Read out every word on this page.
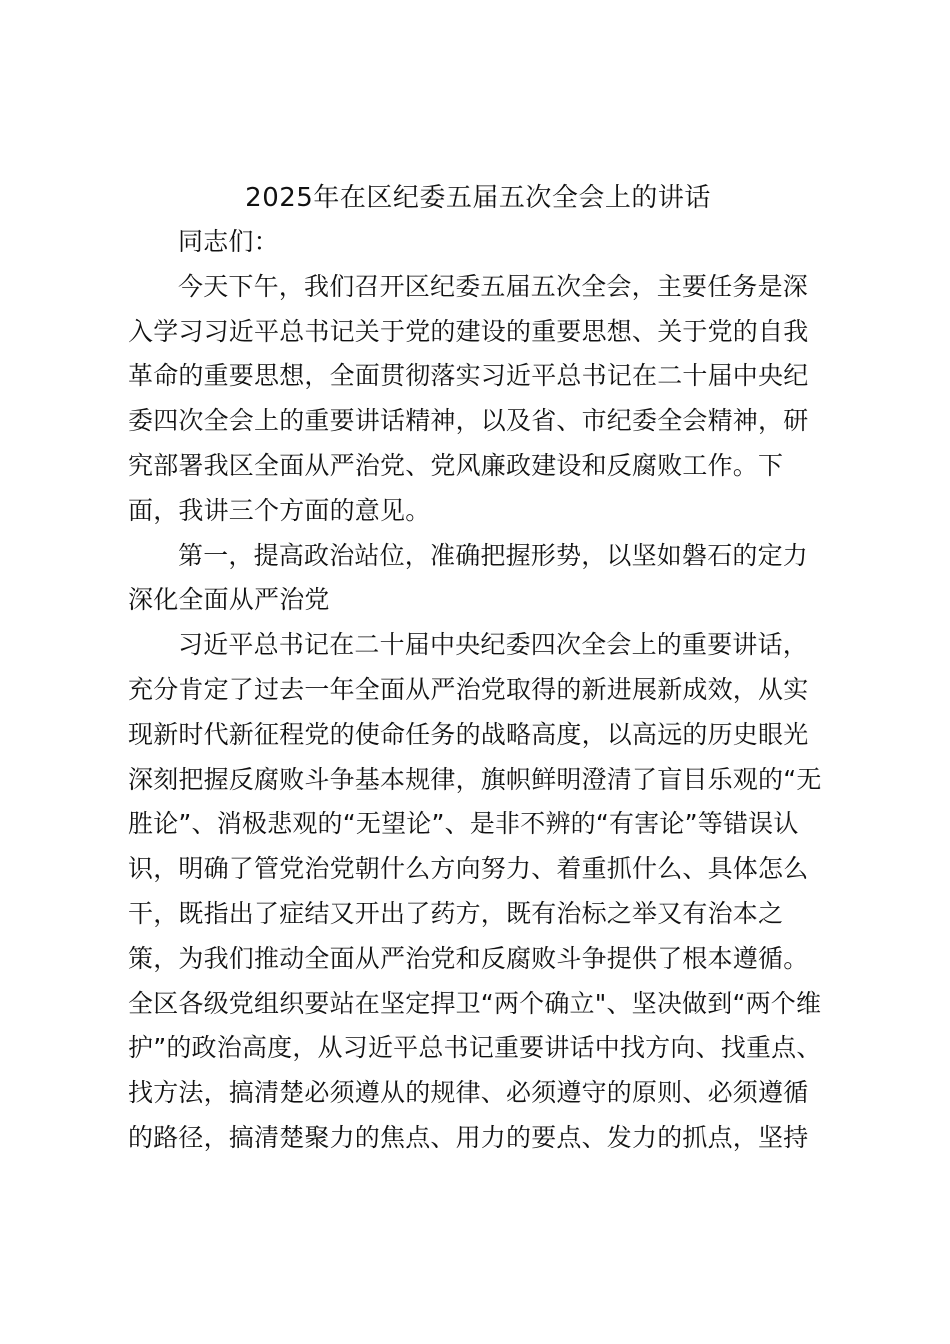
2025年在区纪委五届五次全会上的讲话

同志们：

今天下午，我们召开区纪委五届五次全会，主要任务是深

入学习习近平总书记关于党的建设的重要思想、关于党的自我

革命的重要思想，全面贯彻落实习近平总书记在二十届中央纪

委四次全会上的重要讲话精神，以及省、市纪委全会精神，研

究部署我区全面从严治党、党风廉政建设和反腐败工作。下

面，我讲三个方面的意见。

第一，提高政治站位，准确把握形势，以坚如磐石的定力

深化全面从严治党

习近平总书记在二十届中央纪委四次全会上的重要讲话，

充分肯定了过去一年全面从严治党取得的新进展新成效，从实

现新时代新征程党的使命任务的战略高度，以高远的历史眼光

深刻把握反腐败斗争基本规律，旗帜鲜明澄清了盲目乐观的“无

胜论”、消极悲观的“无望论”、是非不辨的“有害论”等错误认

识，明确了管党治党朝什么方向努力、着重抓什么、具体怎么

干，既指出了症结又开出了药方，既有治标之举又有治本之

策，为我们推动全面从严治党和反腐败斗争提供了根本遵循。

全区各级党组织要站在坚定捍卫“两个确立"、坚决做到“两个维

护”的政治高度，从习近平总书记重要讲话中找方向、找重点、

找方法，搞清楚必须遵从的规律、必须遵守的原则、必须遵循

的路径，搞清楚聚力的焦点、用力的要点、发力的抓点，坚持
